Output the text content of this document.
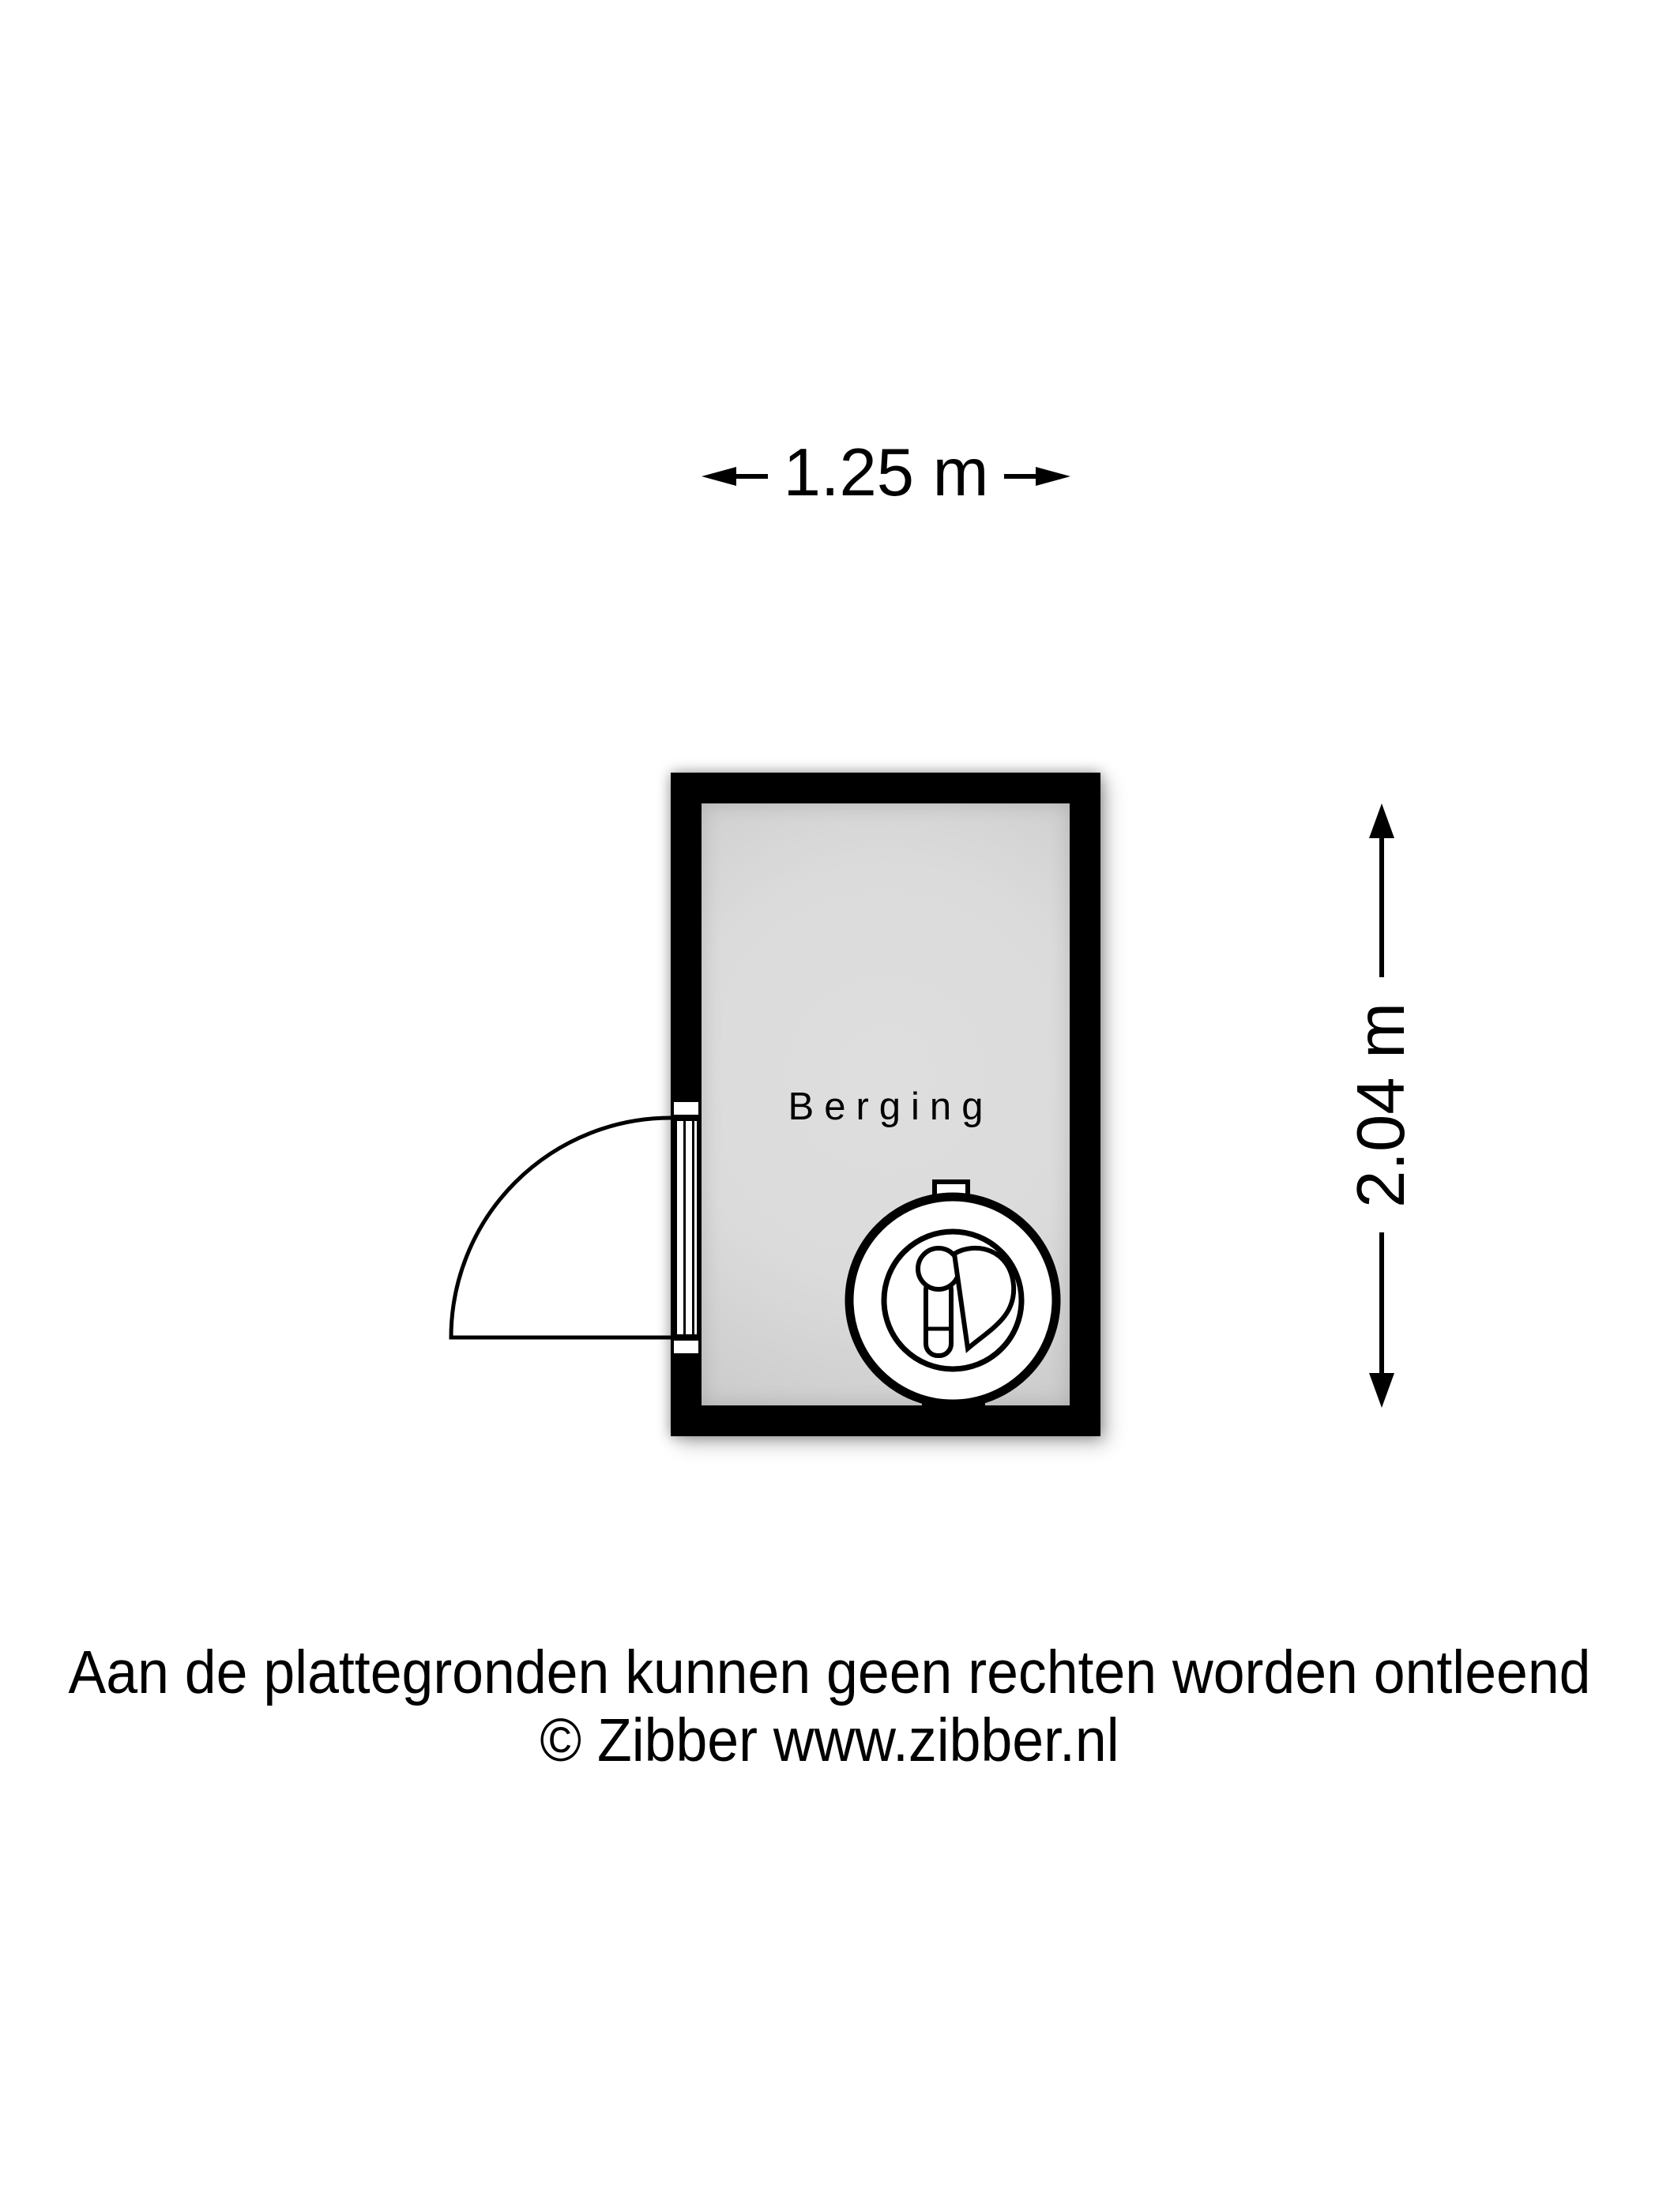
1.25 m
Berging	2.04 m
Aan de plattegronden kunnen geen rechten worden ontleend
© Zibber www.zibber.nl
